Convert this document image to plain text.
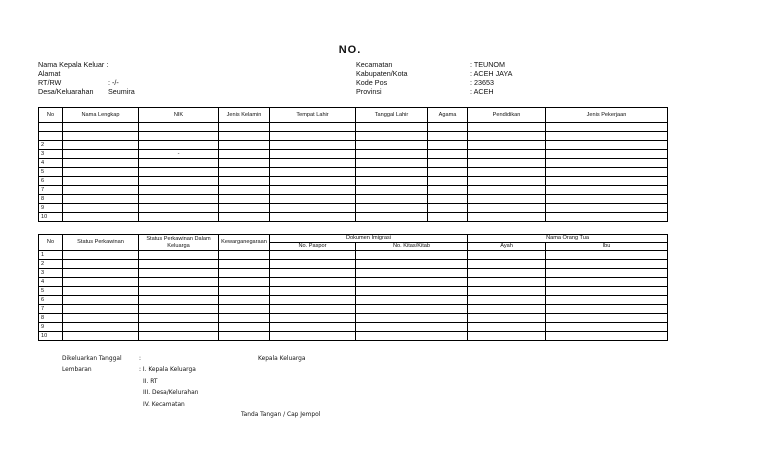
NO.
Nama Kepala Keluar :
Alamat
RT/RW	: -/-
Desa/Keluarahan Seumira
Kecamatan	: TEUNOM
Kabupaten/Kota	: ACEH JAYA
Kode Pos	: 23653
Provinsi	: ACEH
No	Nama Lengkap	NIK	Jenis Kelamin	Tempat Lahir	Tanggal Lahir	Agama	Pendidikan	Jenis Pekerjaan

2								
3		-						
4								
5								
6								
7								
8								
9								
10								
No	Status Perkawinan	Status Perkawinan Dalam Keluarga	Kewarganegaraan	Dokumen Imigrasi		Nama Orang Tua	
				No. Paspor	No. Kitas/Kitab	Ayah	Ibu
1							
2							
3							
4							
5							
6							
7							
8							
9							
10							
Dikeluarkan Tanggal	:	Kepala Keluarga
Lembaran	: I. Kepala Keluarga
II. RT
III. Desa/Kelurahan
IV. Kecamatan
Tanda Tangan / Cap Jempol
